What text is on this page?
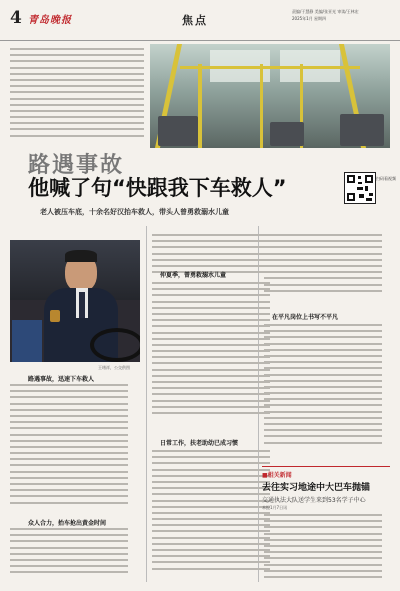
4 青岛晚报	焦点
责编/于慧静 美编/张亚光 审读/王林宏
2025年1月 星期四
路遇事故
他喊了句“快跟我下车救人”
老人被压车底，十余名好汉抬车救人，带头人曾勇救溺水儿童
扫码看视频
王绪祥，公交供图
路遇事故，迅速下车救人
众人合力，抬车抢出黄金时间
仲夏季，曾勇救溺水儿童
日常工作，扶老助幼已成习惯
在平凡岗位上书写不平凡
■相关新闻
去往实习地途中大巴车抛锚
交通执法大队送学生来到53名学子中心
本报1月7日讯
